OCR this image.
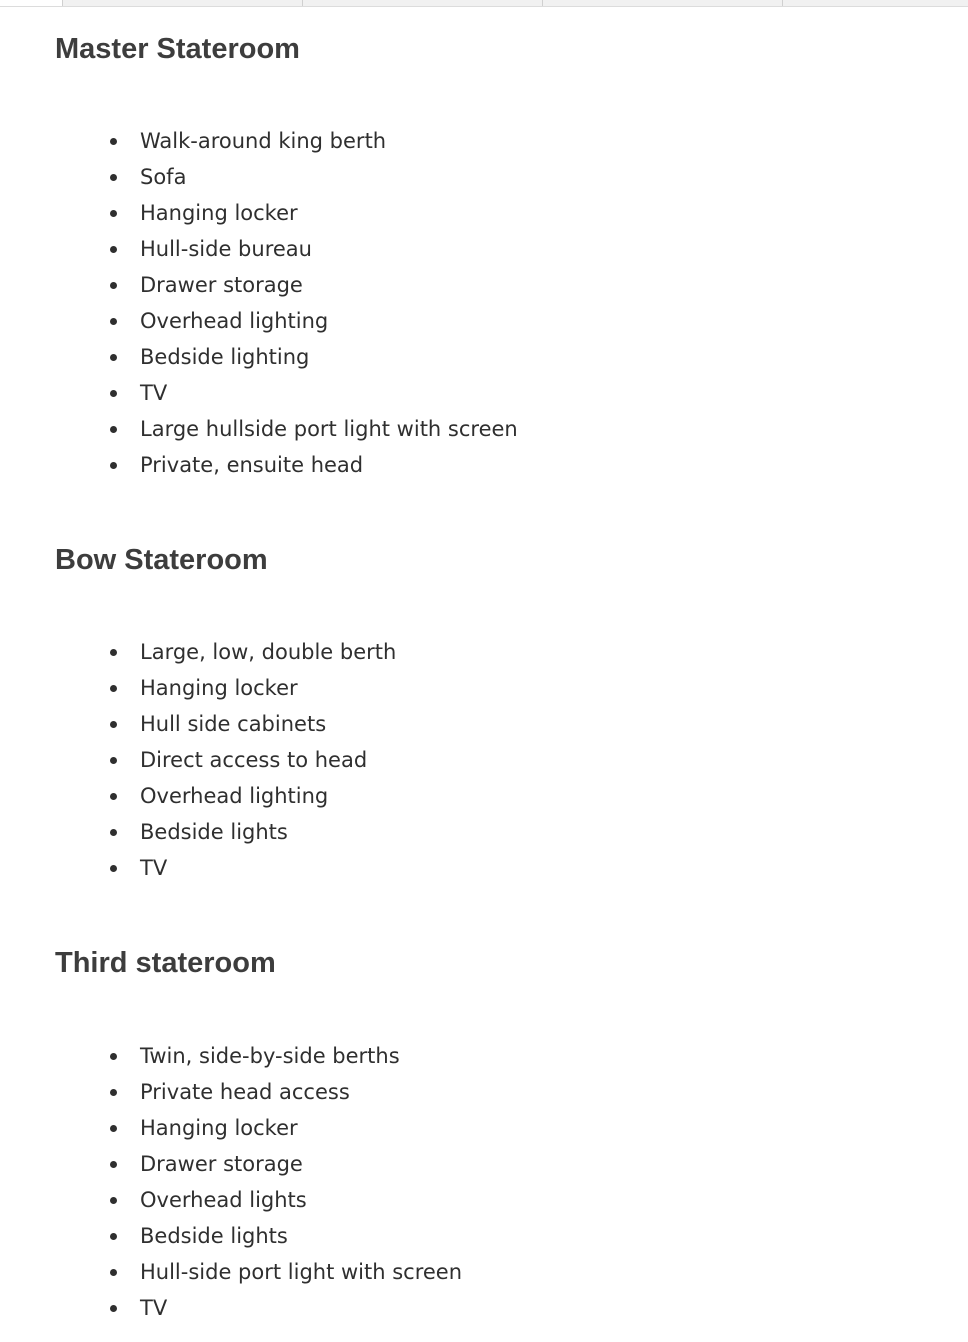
Master Stateroom
Walk-around king berth
Sofa
Hanging locker
Hull-side bureau
Drawer storage
Overhead lighting
Bedside lighting
TV
Large hullside port light with screen
Private, ensuite head
Bow Stateroom
Large, low, double berth
Hanging locker
Hull side cabinets
Direct access to head
Overhead lighting
Bedside lights
TV
Third stateroom
Twin, side-by-side berths
Private head access
Hanging locker
Drawer storage
Overhead lights
Bedside lights
Hull-side port light with screen
TV
